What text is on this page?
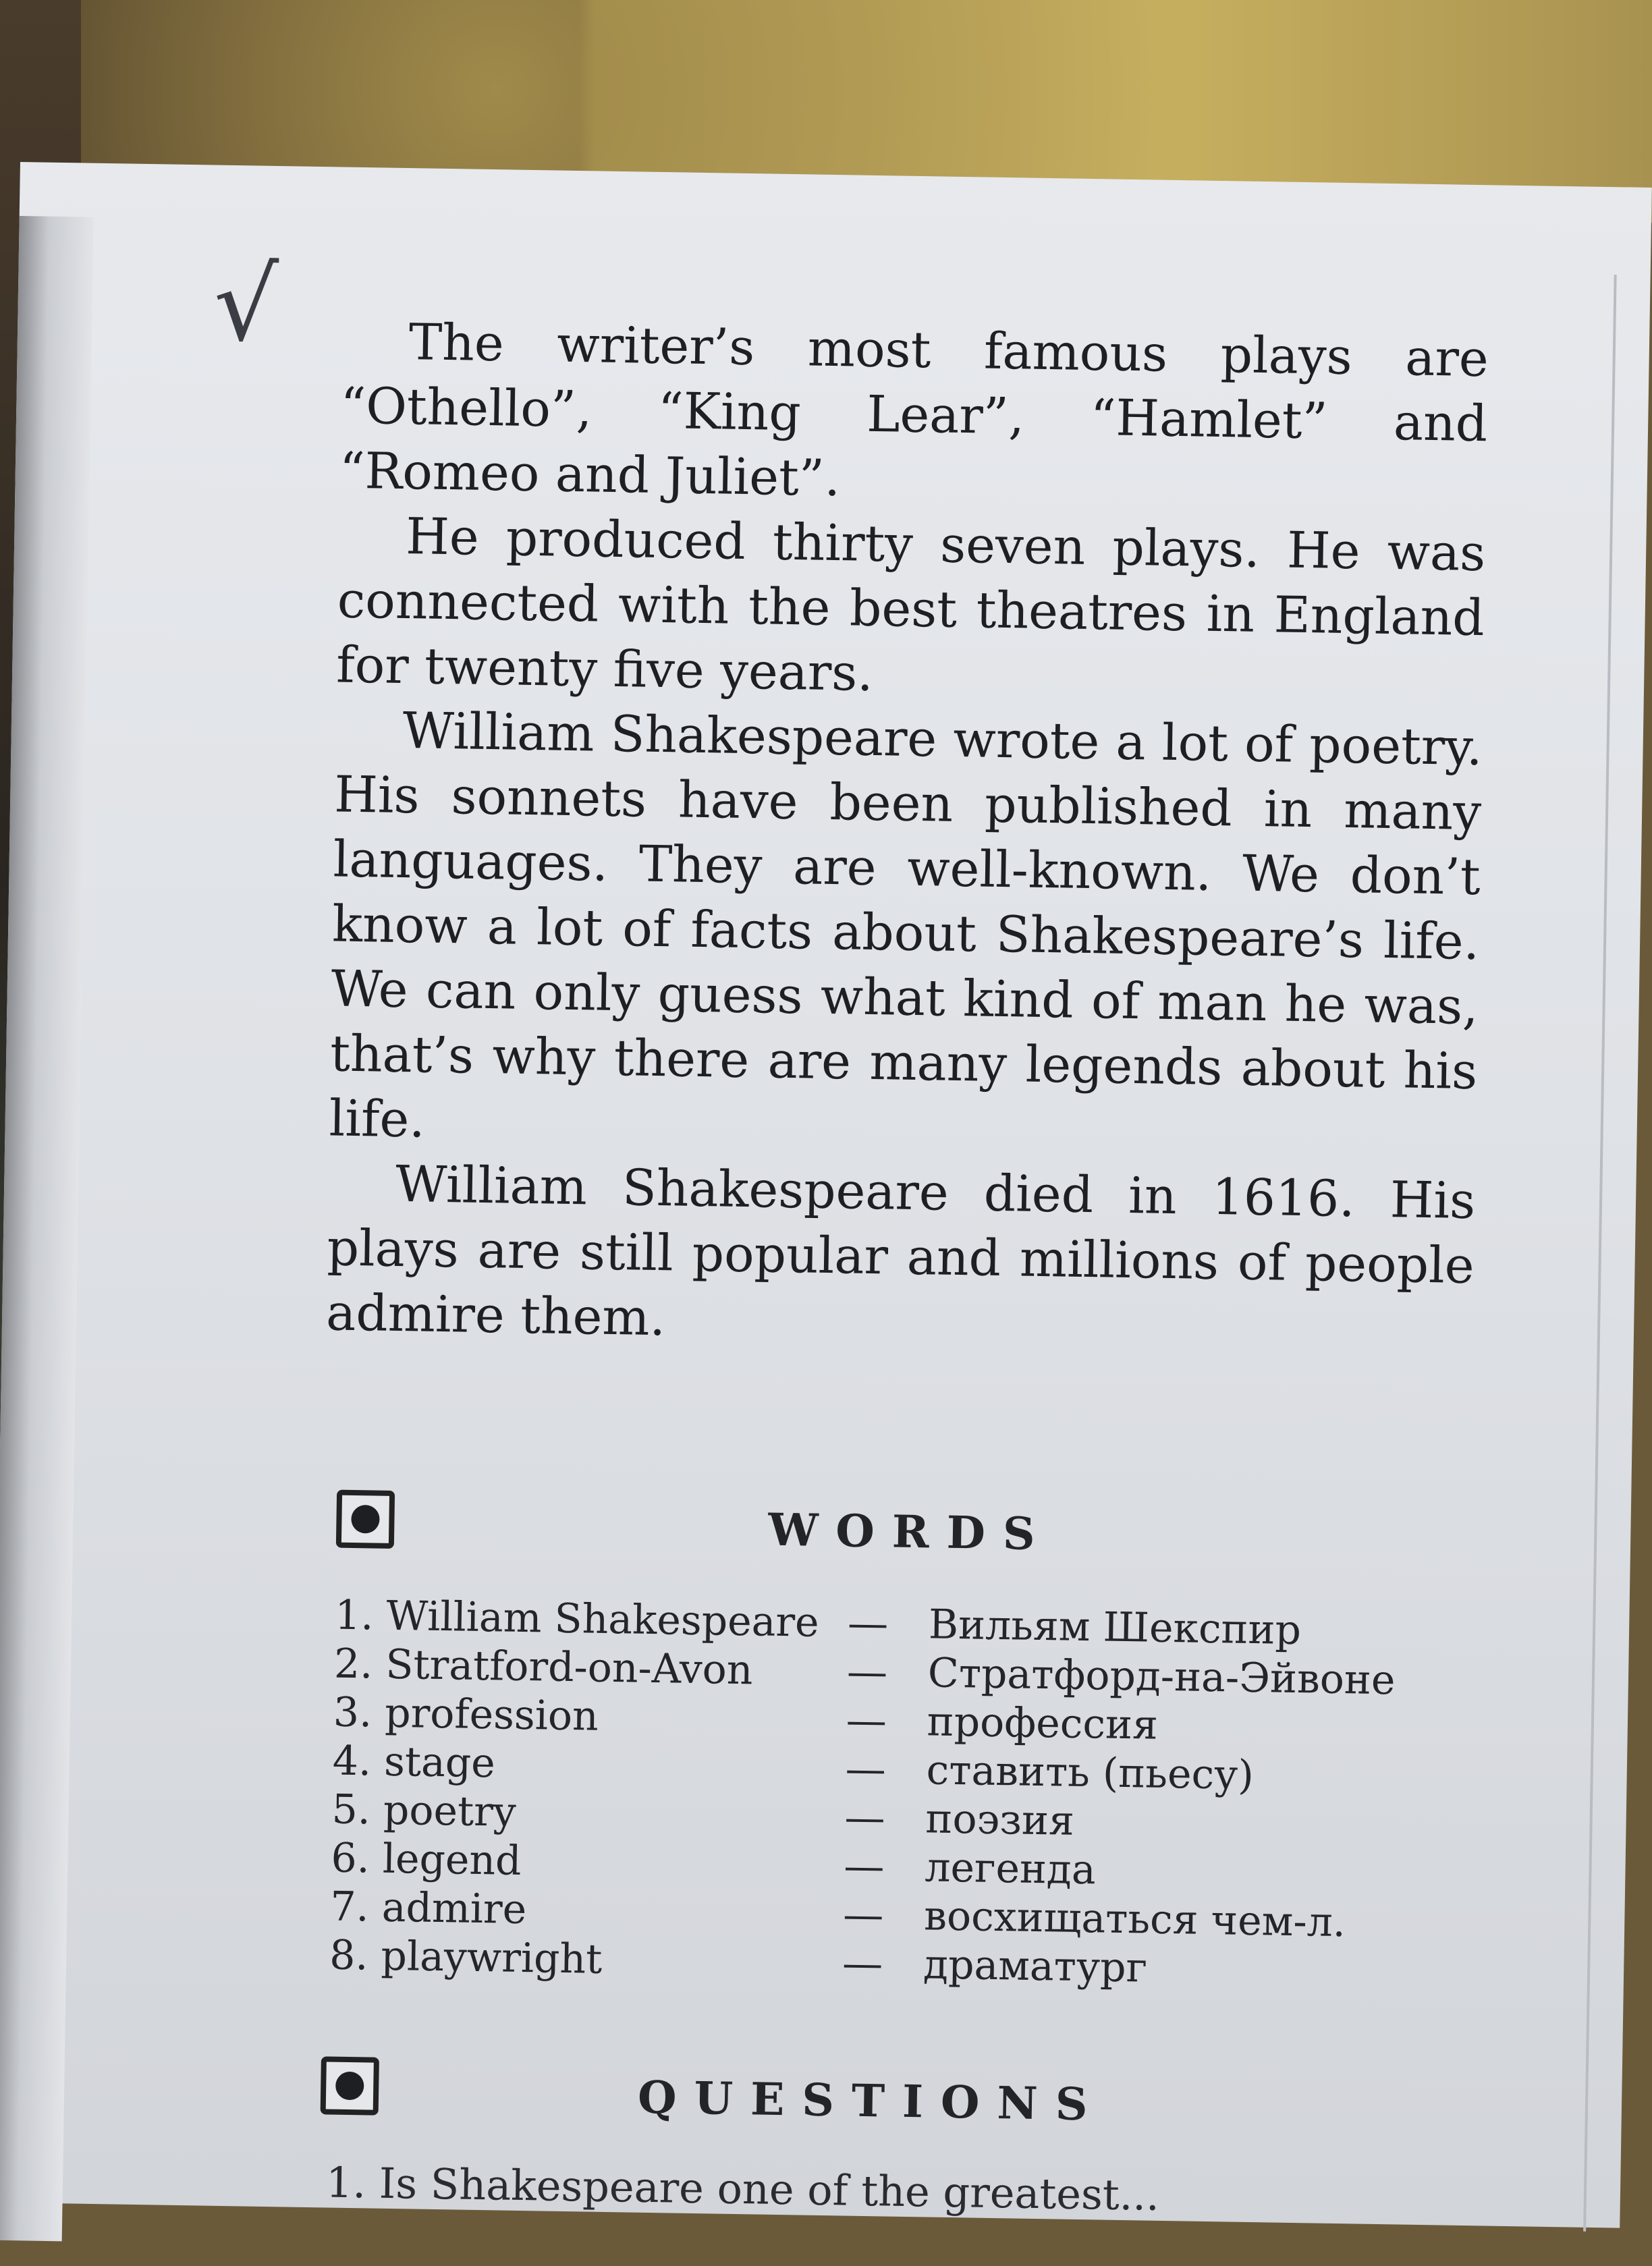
√	The writer’s most famous plays are “Othello”, “King Lear”, “Hamlet” and “Romeo and Juliet”.

He produced thirty seven plays. He was connected with the best theatres in England for twenty five years.

William Shakespeare wrote a lot of poetry. His sonnets have been published in many languages. They are well-known. We don’t know a lot of facts about Shakespeare’s life. We can only guess what kind of man he was, that’s why there are many legends about his life.

William Shakespeare died in 1616. His plays are still popular and millions of people admire them.

WORDS
1. William Shakespeare — Вильям Шекспир
2. Stratford-on-Avon — Стратфорд-на-Эйвоне
3. profession	— профессия
4. stage	— ставить (пьесу)
5. poetry	— поэзия
6. legend	— легенда
7. admire	— восхищаться чем-л.
8. playwright	— драматург
QUESTIONS
1. Is Shakespeare one of the greatest...
